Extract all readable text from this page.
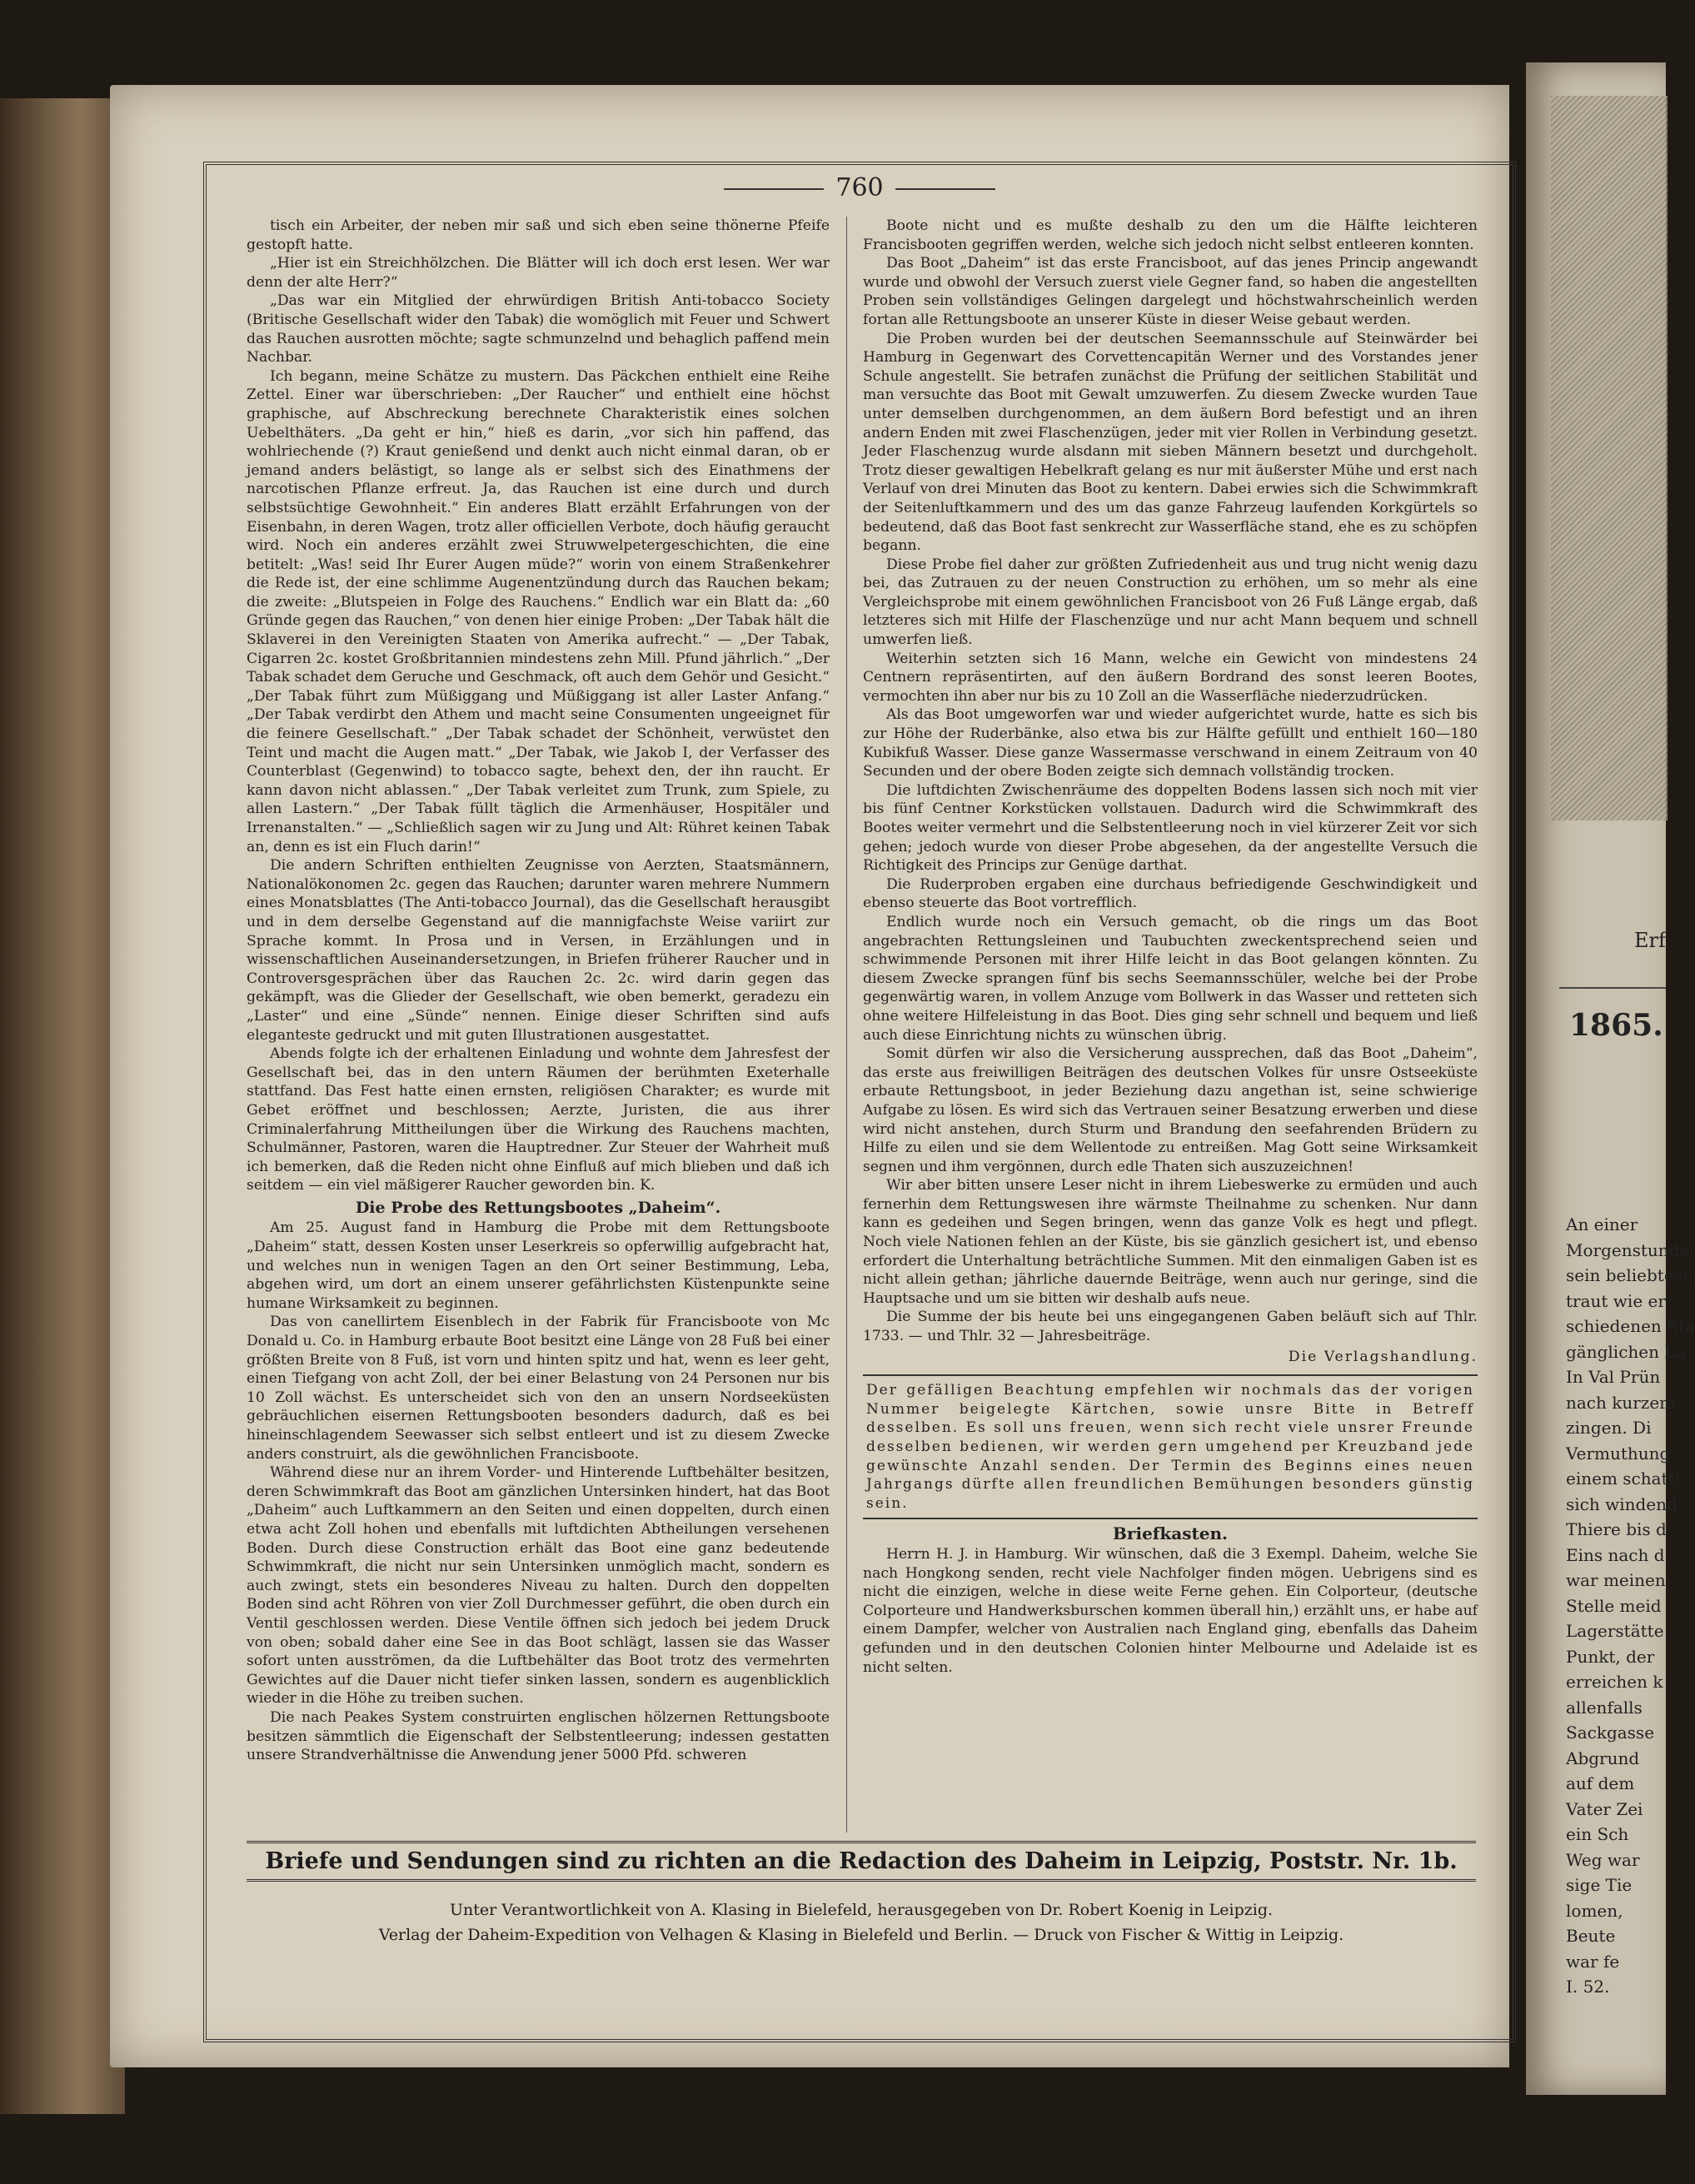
760

tisch ein Arbeiter, der neben mir saß und sich eben seine thönerne Pfeife gestopft hatte.

„Hier ist ein Streichhölzchen. Die Blätter will ich doch erst lesen. Wer war denn der alte Herr?“

„Das war ein Mitglied der ehrwürdigen British Anti-tobacco Society (Britische Gesellschaft wider den Tabak) die womöglich mit Feuer und Schwert das Rauchen ausrotten möchte; sagte schmunzelnd und behaglich paffend mein Nachbar.

Ich begann, meine Schätze zu mustern. Das Päckchen enthielt eine Reihe Zettel. Einer war überschrieben: „Der Raucher“ und enthielt eine höchst graphische, auf Abschreckung berechnete Charakteristik eines solchen Uebelthäters. „Da geht er hin,“ hieß es darin, „vor sich hin paffend, das wohlriechende (?) Kraut genießend und denkt auch nicht einmal daran, ob er jemand anders belästigt, so lange als er selbst sich des Einathmens der narcotischen Pflanze erfreut. Ja, das Rauchen ist eine durch und durch selbstsüchtige Gewohnheit.“ Ein anderes Blatt erzählt Erfahrungen von der Eisenbahn, in deren Wagen, trotz aller officiellen Verbote, doch häufig geraucht wird. Noch ein anderes erzählt zwei Struwwelpetergeschichten, die eine betitelt: „Was! seid Ihr Eurer Augen müde?“ worin von einem Straßenkehrer die Rede ist, der eine schlimme Augenentzündung durch das Rauchen bekam; die zweite: „Blutspeien in Folge des Rauchens.“ Endlich war ein Blatt da: „60 Gründe gegen das Rauchen,“ von denen hier einige Proben: „Der Tabak hält die Sklaverei in den Vereinigten Staaten von Amerika aufrecht.“ — „Der Tabak, Cigarren 2c. kostet Großbritannien mindestens zehn Mill. Pfund jährlich.“ „Der Tabak schadet dem Geruche und Geschmack, oft auch dem Gehör und Gesicht.“ „Der Tabak führt zum Müßiggang und Müßiggang ist aller Laster Anfang.“ „Der Tabak verdirbt den Athem und macht seine Consumenten ungeeignet für die feinere Gesellschaft.“ „Der Tabak schadet der Schönheit, verwüstet den Teint und macht die Augen matt.“ „Der Tabak, wie Jakob I, der Verfasser des Counterblast (Gegenwind) to tobacco sagte, behext den, der ihn raucht. Er kann davon nicht ablassen.“ „Der Tabak verleitet zum Trunk, zum Spiele, zu allen Lastern.“ „Der Tabak füllt täglich die Armenhäuser, Hospitäler und Irrenanstalten.“ — „Schließlich sagen wir zu Jung und Alt: Rühret keinen Tabak an, denn es ist ein Fluch darin!“

Die andern Schriften enthielten Zeugnisse von Aerzten, Staatsmännern, Nationalökonomen 2c. gegen das Rauchen; darunter waren mehrere Nummern eines Monatsblattes (The Anti-tobacco Journal), das die Gesellschaft herausgibt und in dem derselbe Gegenstand auf die mannigfachste Weise variirt zur Sprache kommt. In Prosa und in Versen, in Erzählungen und in wissenschaftlichen Auseinandersetzungen, in Briefen früherer Raucher und in Controversgesprächen über das Rauchen 2c. 2c. wird darin gegen das gekämpft, was die Glieder der Gesellschaft, wie oben bemerkt, geradezu ein „Laster“ und eine „Sünde“ nennen. Einige dieser Schriften sind aufs eleganteste gedruckt und mit guten Illustrationen ausgestattet.

Abends folgte ich der erhaltenen Einladung und wohnte dem Jahresfest der Gesellschaft bei, das in den untern Räumen der berühmten Exeterhalle stattfand. Das Fest hatte einen ernsten, religiösen Charakter; es wurde mit Gebet eröffnet und beschlossen; Aerzte, Juristen, die aus ihrer Criminalerfahrung Mittheilungen über die Wirkung des Rauchens machten, Schulmänner, Pastoren, waren die Hauptredner. Zur Steuer der Wahrheit muß ich bemerken, daß die Reden nicht ohne Einfluß auf mich blieben und daß ich seitdem — ein viel mäßigerer Raucher geworden bin. K.

Die Probe des Rettungsbootes „Daheim“.

Am 25. August fand in Hamburg die Probe mit dem Rettungsboote „Daheim“ statt, dessen Kosten unser Leserkreis so opferwillig aufgebracht hat, und welches nun in wenigen Tagen an den Ort seiner Bestimmung, Leba, abgehen wird, um dort an einem unserer gefährlichsten Küstenpunkte seine humane Wirksamkeit zu beginnen.

Das von canellirtem Eisenblech in der Fabrik für Francisboote von Mc Donald u. Co. in Hamburg erbaute Boot besitzt eine Länge von 28 Fuß bei einer größten Breite von 8 Fuß, ist vorn und hinten spitz und hat, wenn es leer geht, einen Tiefgang von acht Zoll, der bei einer Belastung von 24 Personen nur bis 10 Zoll wächst. Es unterscheidet sich von den an unsern Nordseeküsten gebräuchlichen eisernen Rettungsbooten besonders dadurch, daß es bei hineinschlagendem Seewasser sich selbst entleert und ist zu diesem Zwecke anders construirt, als die gewöhnlichen Francisboote.

Während diese nur an ihrem Vorder- und Hinterende Luftbehälter besitzen, deren Schwimmkraft das Boot am gänzlichen Untersinken hindert, hat das Boot „Daheim“ auch Luftkammern an den Seiten und einen doppelten, durch einen etwa acht Zoll hohen und ebenfalls mit luftdichten Abtheilungen versehenen Boden. Durch diese Construction erhält das Boot eine ganz bedeutende Schwimmkraft, die nicht nur sein Untersinken unmöglich macht, sondern es auch zwingt, stets ein besonderes Niveau zu halten. Durch den doppelten Boden sind acht Röhren von vier Zoll Durchmesser geführt, die oben durch ein Ventil geschlossen werden. Diese Ventile öffnen sich jedoch bei jedem Druck von oben; sobald daher eine See in das Boot schlägt, lassen sie das Wasser sofort unten ausströmen, da die Luftbehälter das Boot trotz des vermehrten Gewichtes auf die Dauer nicht tiefer sinken lassen, sondern es augenblicklich wieder in die Höhe zu treiben suchen.

Die nach Peakes System construirten englischen hölzernen Rettungsboote besitzen sämmtlich die Eigenschaft der Selbstentleerung; indessen gestatten unsere Strandverhältnisse die Anwendung jener 5000 Pfd. schweren

Boote nicht und es mußte deshalb zu den um die Hälfte leichteren Francisbooten gegriffen werden, welche sich jedoch nicht selbst entleeren konnten.

Das Boot „Daheim“ ist das erste Francisboot, auf das jenes Princip angewandt wurde und obwohl der Versuch zuerst viele Gegner fand, so haben die angestellten Proben sein vollständiges Gelingen dargelegt und höchstwahrscheinlich werden fortan alle Rettungsboote an unserer Küste in dieser Weise gebaut werden.

Die Proben wurden bei der deutschen Seemannsschule auf Steinwärder bei Hamburg in Gegenwart des Corvettencapitän Werner und des Vorstandes jener Schule angestellt. Sie betrafen zunächst die Prüfung der seitlichen Stabilität und man versuchte das Boot mit Gewalt umzuwerfen. Zu diesem Zwecke wurden Taue unter demselben durchgenommen, an dem äußern Bord befestigt und an ihren andern Enden mit zwei Flaschenzügen, jeder mit vier Rollen in Verbindung gesetzt. Jeder Flaschenzug wurde alsdann mit sieben Männern besetzt und durchgeholt. Trotz dieser gewaltigen Hebelkraft gelang es nur mit äußerster Mühe und erst nach Verlauf von drei Minuten das Boot zu kentern. Dabei erwies sich die Schwimmkraft der Seitenluftkammern und des um das ganze Fahrzeug laufenden Korkgürtels so bedeutend, daß das Boot fast senkrecht zur Wasserfläche stand, ehe es zu schöpfen begann.

Diese Probe fiel daher zur größten Zufriedenheit aus und trug nicht wenig dazu bei, das Zutrauen zu der neuen Construction zu erhöhen, um so mehr als eine Vergleichsprobe mit einem gewöhnlichen Francisboot von 26 Fuß Länge ergab, daß letzteres sich mit Hilfe der Flaschenzüge und nur acht Mann bequem und schnell umwerfen ließ.

Weiterhin setzten sich 16 Mann, welche ein Gewicht von mindestens 24 Centnern repräsentirten, auf den äußern Bordrand des sonst leeren Bootes, vermochten ihn aber nur bis zu 10 Zoll an die Wasserfläche niederzudrücken.

Als das Boot umgeworfen war und wieder aufgerichtet wurde, hatte es sich bis zur Höhe der Ruderbänke, also etwa bis zur Hälfte gefüllt und enthielt 160—180 Kubikfuß Wasser. Diese ganze Wassermasse verschwand in einem Zeitraum von 40 Secunden und der obere Boden zeigte sich demnach vollständig trocken.

Die luftdichten Zwischenräume des doppelten Bodens lassen sich noch mit vier bis fünf Centner Korkstücken vollstauen. Dadurch wird die Schwimmkraft des Bootes weiter vermehrt und die Selbstentleerung noch in viel kürzerer Zeit vor sich gehen; jedoch wurde von dieser Probe abgesehen, da der angestellte Versuch die Richtigkeit des Princips zur Genüge darthat.

Die Ruderproben ergaben eine durchaus befriedigende Geschwindigkeit und ebenso steuerte das Boot vortrefflich.

Endlich wurde noch ein Versuch gemacht, ob die rings um das Boot angebrachten Rettungsleinen und Taubuchten zweckentsprechend seien und schwimmende Personen mit ihrer Hilfe leicht in das Boot gelangen könnten. Zu diesem Zwecke sprangen fünf bis sechs Seemannsschüler, welche bei der Probe gegenwärtig waren, in vollem Anzuge vom Bollwerk in das Wasser und retteten sich ohne weitere Hilfeleistung in das Boot. Dies ging sehr schnell und bequem und ließ auch diese Einrichtung nichts zu wünschen übrig.

Somit dürfen wir also die Versicherung aussprechen, daß das Boot „Daheim“, das erste aus freiwilligen Beiträgen des deutschen Volkes für unsre Ostseeküste erbaute Rettungsboot, in jeder Beziehung dazu angethan ist, seine schwierige Aufgabe zu lösen. Es wird sich das Vertrauen seiner Besatzung erwerben und diese wird nicht anstehen, durch Sturm und Brandung den seefahrenden Brüdern zu Hilfe zu eilen und sie dem Wellentode zu entreißen. Mag Gott seine Wirksamkeit segnen und ihm vergönnen, durch edle Thaten sich auszuzeichnen!

Wir aber bitten unsere Leser nicht in ihrem Liebeswerke zu ermüden und auch fernerhin dem Rettungswesen ihre wärmste Theilnahme zu schenken. Nur dann kann es gedeihen und Segen bringen, wenn das ganze Volk es hegt und pflegt. Noch viele Nationen fehlen an der Küste, bis sie gänzlich gesichert ist, und ebenso erfordert die Unterhaltung beträchtliche Summen. Mit den einmaligen Gaben ist es nicht allein gethan; jährliche dauernde Beiträge, wenn auch nur geringe, sind die Hauptsache und um sie bitten wir deshalb aufs neue.

Die Summe der bis heute bei uns eingegangenen Gaben beläuft sich auf Thlr. 1733. — und Thlr. 32 — Jahresbeiträge.

Die Verlagshandlung.
Der gefälligen Beachtung empfehlen wir nochmals das der vorigen Nummer beigelegte Kärtchen, sowie unsre Bitte in Betreff desselben. Es soll uns freuen, wenn sich recht viele unsrer Freunde desselben bedienen, wir werden gern umgehend per Kreuzband jede gewünschte Anzahl senden. Der Termin des Beginns eines neuen Jahrgangs dürfte allen freundlichen Bemühungen besonders günstig sein.
Briefkasten.

Herrn H. J. in Hamburg. Wir wünschen, daß die 3 Exempl. Daheim, welche Sie nach Hongkong senden, recht viele Nachfolger finden mögen. Uebrigens sind es nicht die einzigen, welche in diese weite Ferne gehen. Ein Colporteur, (deutsche Colporteure und Handwerksburschen kommen überall hin,) erzählt uns, er habe auf einem Dampfer, welcher von Australien nach England ging, ebenfalls das Daheim gefunden und in den deutschen Colonien hinter Melbourne und Adelaide ist es nicht selten.

Briefe und Sendungen sind zu richten an die Redaction des Daheim in Leipzig, Poststr. Nr. 1b.
Unter Verantwortlichkeit von A. Klasing in Bielefeld, herausgegeben von Dr. Robert Koenig in Leipzig.
Verlag der Daheim-Expedition von Velhagen & Klasing in Bielefeld und Berlin. — Druck von Fischer & Wittig in Leipzig.
Erf
1865.
An einer
Morgenstunde
sein beliebtest
traut wie er
schiedenen Sta
gänglichen La
In Val Prün
nach kurzem
zingen. Di
Vermuthung
einem schatti
sich windend
Thiere bis d
Eins nach d
war meinen
Stelle meid
Lagerstätte
Punkt, der
erreichen k
allenfalls
Sackgasse
Abgrund
auf dem
Vater Zei
ein Sch
Weg war
sige Tie
lomen,
Beute
war fe
I. 52.
